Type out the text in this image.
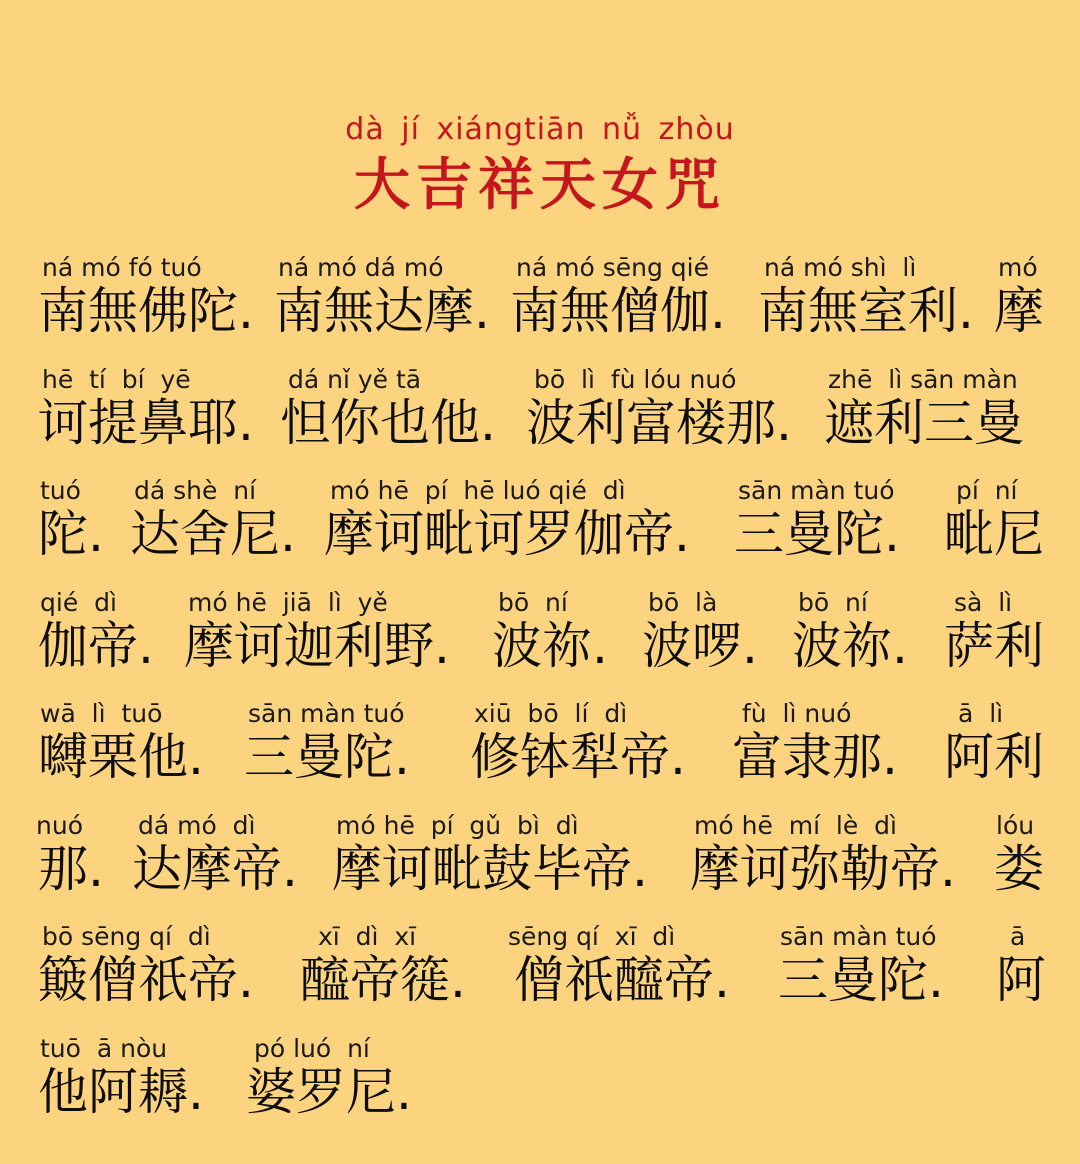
dà jí xiángtiān nǚ zhòu
大吉祥天女咒
ná mó fó tuó
南無佛陀.
ná mó dá mó
南無达摩.
ná mó sēng qié
南無僧伽.
ná mó shì  lì
南無室利.
mó
摩
hē  tí  bí  yē
诃提鼻耶.
dá nǐ yě tā
怛你也他.
bō  lì  fù lóu nuó
波利富楼那.
zhē  lì sān màn
遮利三曼
tuó
陀.
dá shè  ní
达舍尼.
mó hē  pí  hē luó qié  dì
摩诃毗诃罗伽帝.
sān màn tuó
三曼陀.
pí  ní
毗尼
qié  dì
伽帝.
mó hē  jiā  lì  yě
摩诃迦利野.
bō  ní
波祢.
bō  là
波啰.
bō  ní
波祢.
sà  lì
萨利
wā  lì  tuō
嚩栗他.
sān màn tuó
三曼陀.
xiū  bō  lí  dì
修钵犁帝.
fù  lì nuó
富隶那.
ā  lì
阿利
nuó
那.
dá mó  dì
达摩帝.
mó hē  pí  gǔ  bì  dì
摩诃毗鼓毕帝.
mó hē  mí  lè  dì
摩诃弥勒帝.
lóu
娄
bō sēng qí  dì
簸僧祇帝.
xī  dì  xī
醯帝簁.
sēng qí  xī  dì
僧祇醯帝.
sān màn tuó
三曼陀.
ā
阿
tuō  ā nòu
他阿耨.
pó luó  ní
婆罗尼.
